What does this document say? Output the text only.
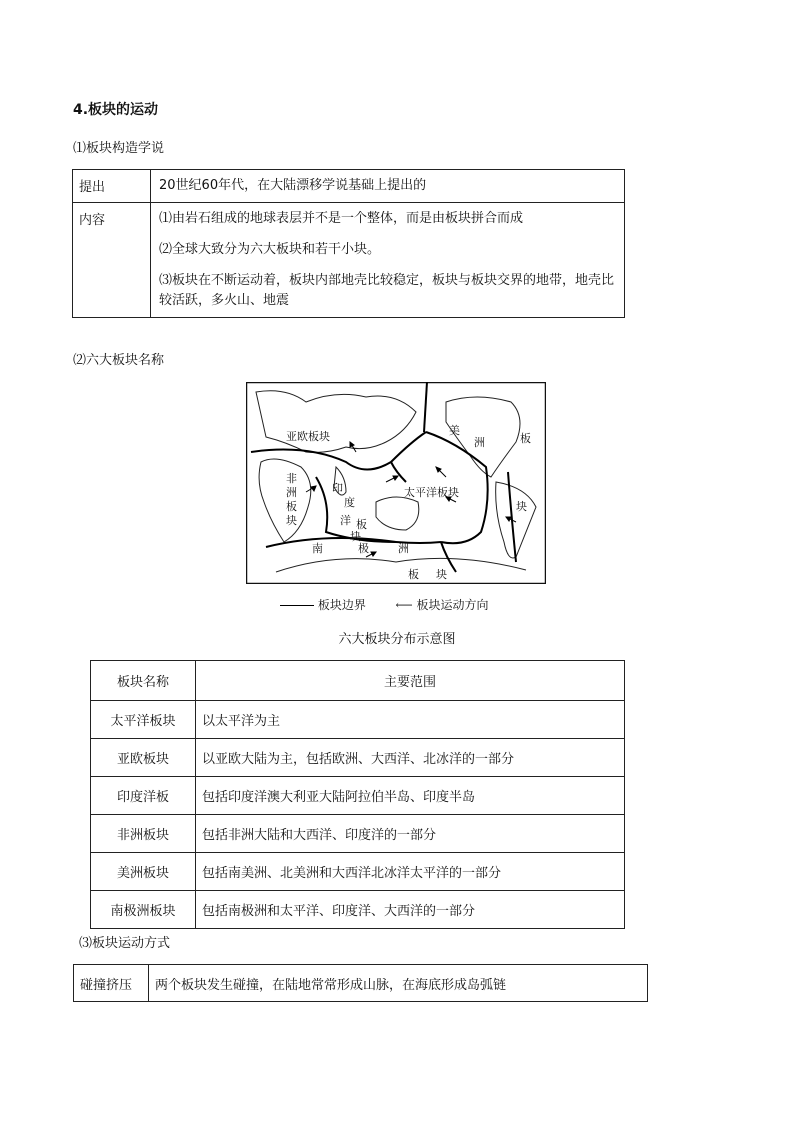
4.板块的运动
⑴板块构造学说
提出	20世纪60年代，在大陆漂移学说基础上提出的

内容	⑴由岩石组成的地球表层并不是一个整体，而是由板块拼合而成
⑵全球大致分为六大板块和若干小块。
⑶板块在不断运动着，板块内部地壳比较稳定，板块与板块交界的地带，地壳比较活跃，多火山、地震
⑵六大板块名称
亚欧板块
太平洋板块
非
洲
板
块
印
度
洋 板
块
美
洲	板
块
南	极	洲
板 块
板块边界 ⟵ 板块运动方向
六大板块分布示意图
板块名称	主要范围
太平洋板块	以太平洋为主
亚欧板块	以亚欧大陆为主，包括欧洲、大西洋、北冰洋的一部分
印度洋板	包括印度洋澳大利亚大陆阿拉伯半岛、印度半岛
非洲板块	包括非洲大陆和大西洋、印度洋的一部分
美洲板块	包括南美洲、北美洲和大西洋北冰洋太平洋的一部分
南极洲板块	包括南极洲和太平洋、印度洋、大西洋的一部分
⑶板块运动方式
碰撞挤压	两个板块发生碰撞，在陆地常常形成山脉，在海底形成岛弧链
